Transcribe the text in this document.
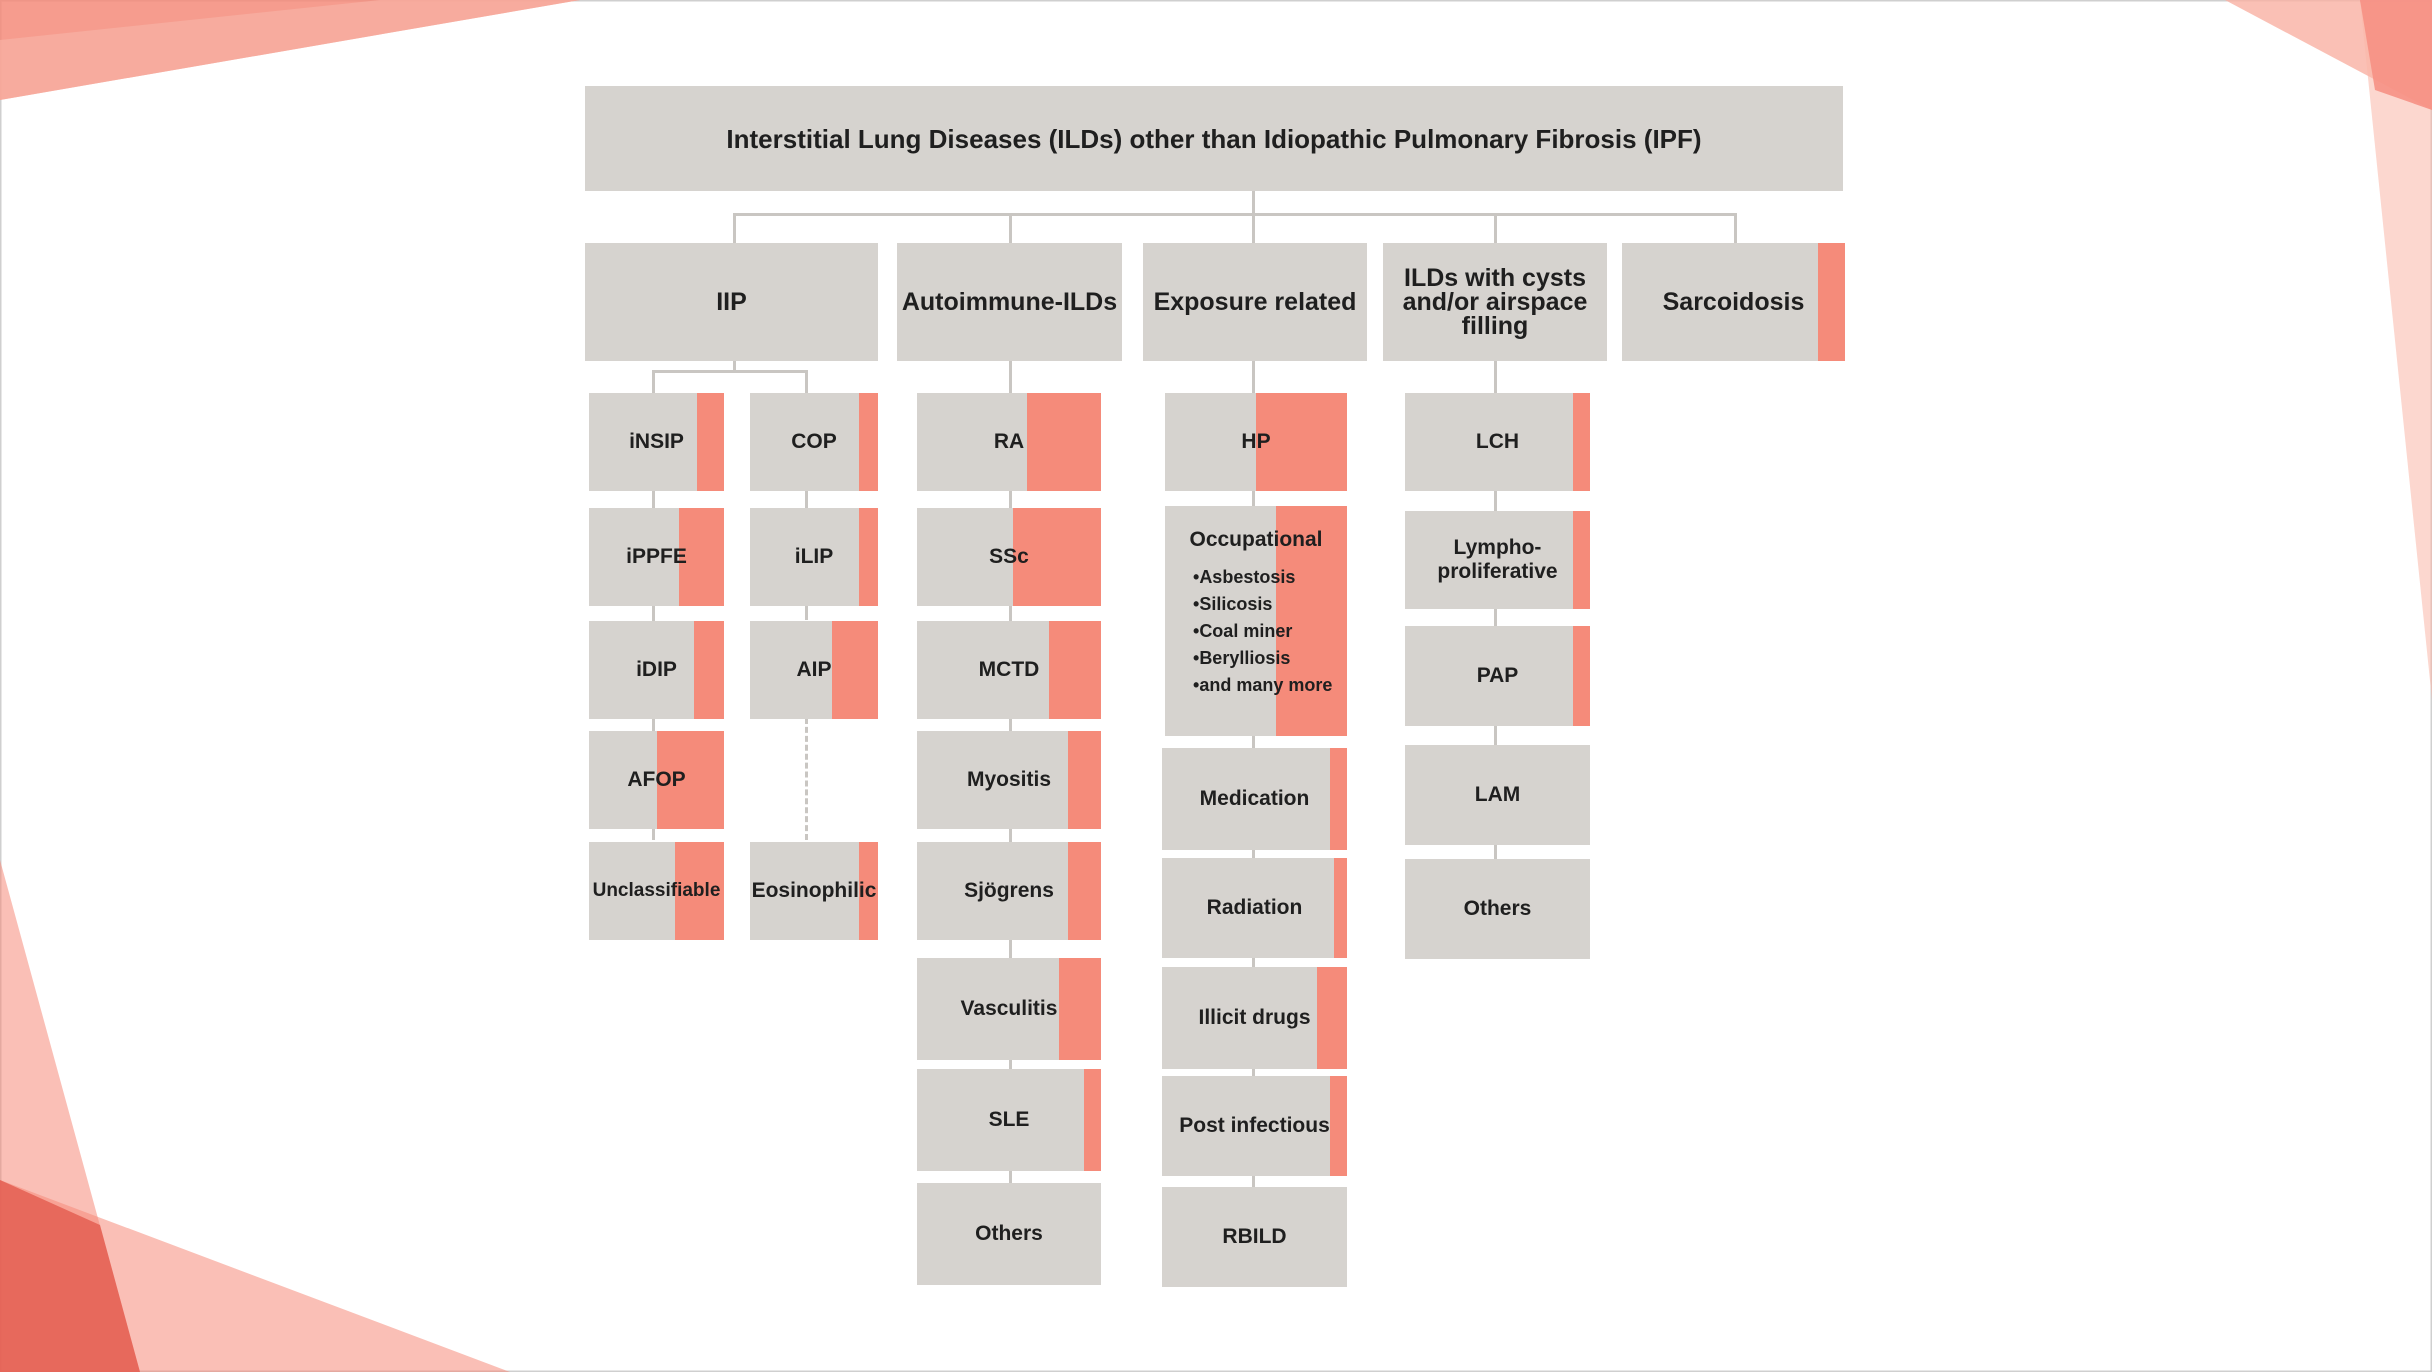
Interstitial Lung Diseases (ILDs) other than Idiopathic Pulmonary Fibrosis (IPF)
IIP	Autoimmune-ILDs	Exposure related
ILDs with cysts
and/or airspace filling
Sarcoidosis
iNSIP
iPPFE
iDIP
AFOP
Unclassifiable
COP
iLIP
AIP
Eosinophilic
RA
SSc
MCTD
Myositis
Sjögrens
Vasculitis
SLE
Others
HP
Occupational
• Asbestosis
• Silicosis
• Coal miner
• Berylliosis
• and many more
Medication
Radiation
Illicit drugs
Post infectious
RBILD
LCH
Lympho-
proliferative
PAP
LAM
Others
